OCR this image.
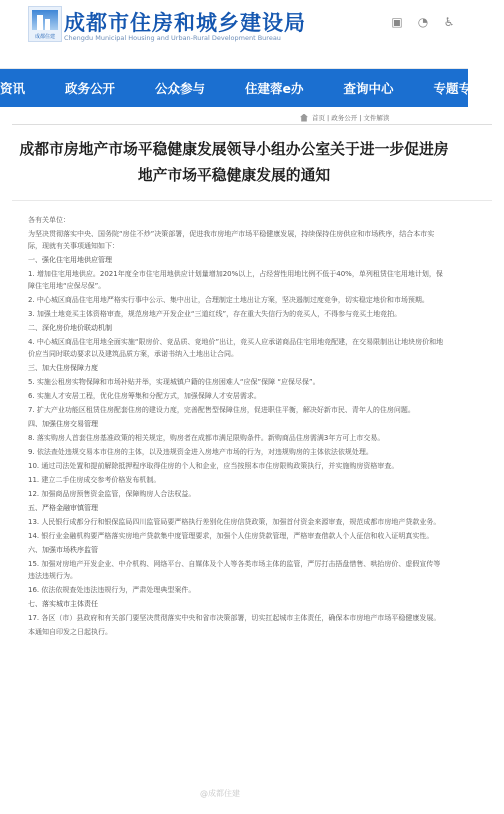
成都住建
成都市住房和城乡建设局
Chengdu Municipal Housing and Urban-Rural Development Bureau
▣ ◔ ♿
资讯	政务公开	公众参与	住建蓉e办	查询中心	专题专栏
首页 | 政务公开 | 文件解读
成都市房地产市场平稳健康发展领导小组办公室关于进一步促进房地产市场平稳健康发展的通知

各有关单位：

为坚决贯彻落实中央、国务院“房住不炒”决策部署，促进我市房地产市场平稳健康发展，持续保持住房供应和市场秩序，结合本市实际，现就有关事项通知如下：

一、强化住宅用地供应管理

1. 增加住宅用地供应。2021年度全市住宅用地供应计划量增加20%以上，占经营性用地比例不低于40%，单列租赁住宅用地计划，保障住宅用地“应保尽保”。

2. 中心城区商品住宅用地严格实行事中公示、集中出让，合理制定土地出让方案，坚决遏制过度竞争，切实稳定地价和市场预期。

3. 加强土地竞买主体资格审查，规范房地产开发企业“三道红线”，存在重大失信行为的竞买人，不得参与竞买土地竞拍。

二、深化房价地价联动机制

4. 中心城区商品住宅用地全面实施“限房价、竞品质、竞地价”出让，竞买人应承诺商品住宅用地竞配建，在交易限制出让地块房价和地价应当同时联动要求以及建筑品质方案，承诺书纳入土地出让合同。

三、加大住房保障力度

5. 实施公租房实物保障和市场补贴并举，实现城镇户籍的住房困难人“应保”保障 “应保尽保”。

6. 实施人才安居工程，优化住房筹集和分配方式，加强保障人才安居需求。

7. 扩大产业功能区租赁住房配套住房的建设力度，完善配售型保障住房，促进职住平衡，解决好新市民、青年人的住房问题。

四、加强住房交易管理

8. 落实购房人首套住房基准政策的相关规定，购房者在成都市满足限购条件。新购商品住房需满3年方可上市交易。

9. 依法查处违规交易本市住房的主体，以及违规资金进入房地产市场的行为，对违规购房的主体依法依规处理。

10. 通过司法处置和提前解除抵押程序取得住房的个人和企业，应当按照本市住房限购政策执行，并实施购房资格审查。

11. 建立二手住房成交参考价格发布机制。

12. 加强商品房预售资金监管，保障购房人合法权益。

五、严格金融审慎管理

13. 人民银行成都分行和银保监局四川监管局要严格执行差别化住房信贷政策，加强首付资金来源审查，规范成都市房地产贷款业务。

14. 银行业金融机构要严格落实房地产贷款集中度管理要求，加强个人住房贷款管理，严格审查借款人个人征信和收入证明真实性。

六、加强市场秩序监管

15. 加强对房地产开发企业、中介机构、网络平台、自媒体及个人等各类市场主体的监管，严厉打击捂盘惜售、哄抬房价、虚假宣传等违法违规行为。

16. 依法依规查处违法违规行为，严肃处理典型案件。

七、落实城市主体责任

17. 各区（市）县政府和有关部门要坚决贯彻落实中央和省市决策部署，切实扛起城市主体责任，确保本市房地产市场平稳健康发展。

本通知自印发之日起执行。

@成都住建
